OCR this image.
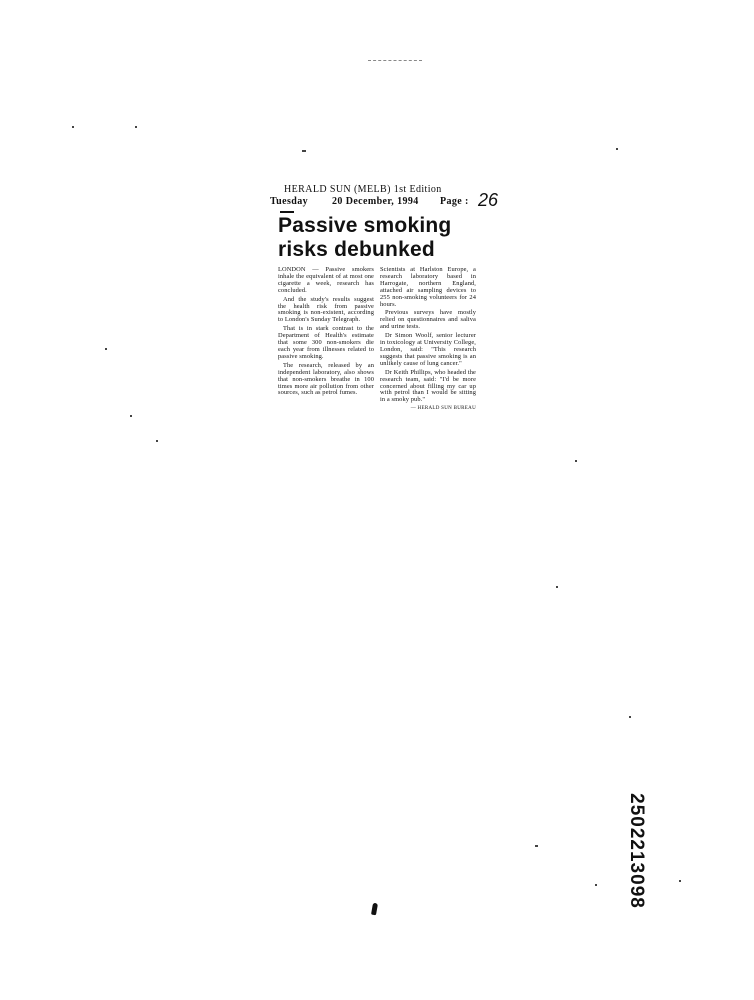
HERALD SUN (MELB) 1st Edition
Tuesday 20 December, 1994 Page : 26
Passive smoking risks debunked

LONDON — Passive smokers inhale the equivalent of at most one cigarette a week, research has concluded.

And the study's results suggest the health risk from passive smoking is non-existent, according to London's Sunday Telegraph.

That is in stark contrast to the Department of Health's estimate that some 300 non-smokers die each year from illnesses related to passive smoking.

The research, released by an independent laboratory, also shows that non-smokers breathe in 100 times more air pollution from other sources, such as petrol fumes.

Scientists at Harlston Europe, a research laboratory based in Harrogate, northern England, attached air sampling devices to 255 non-smoking volunteers for 24 hours.

Previous surveys have mostly relied on questionnaires and saliva and urine tests.

Dr Simon Woolf, senior lecturer in toxicology at University College, London, said: "This research suggests that passive smoking is an unlikely cause of lung cancer."

Dr Keith Phillips, who headed the research team, said: "I'd be more concerned about filling my car up with petrol than I would be sitting in a smoky pub."

— HERALD SUN BUREAU
2502213098
